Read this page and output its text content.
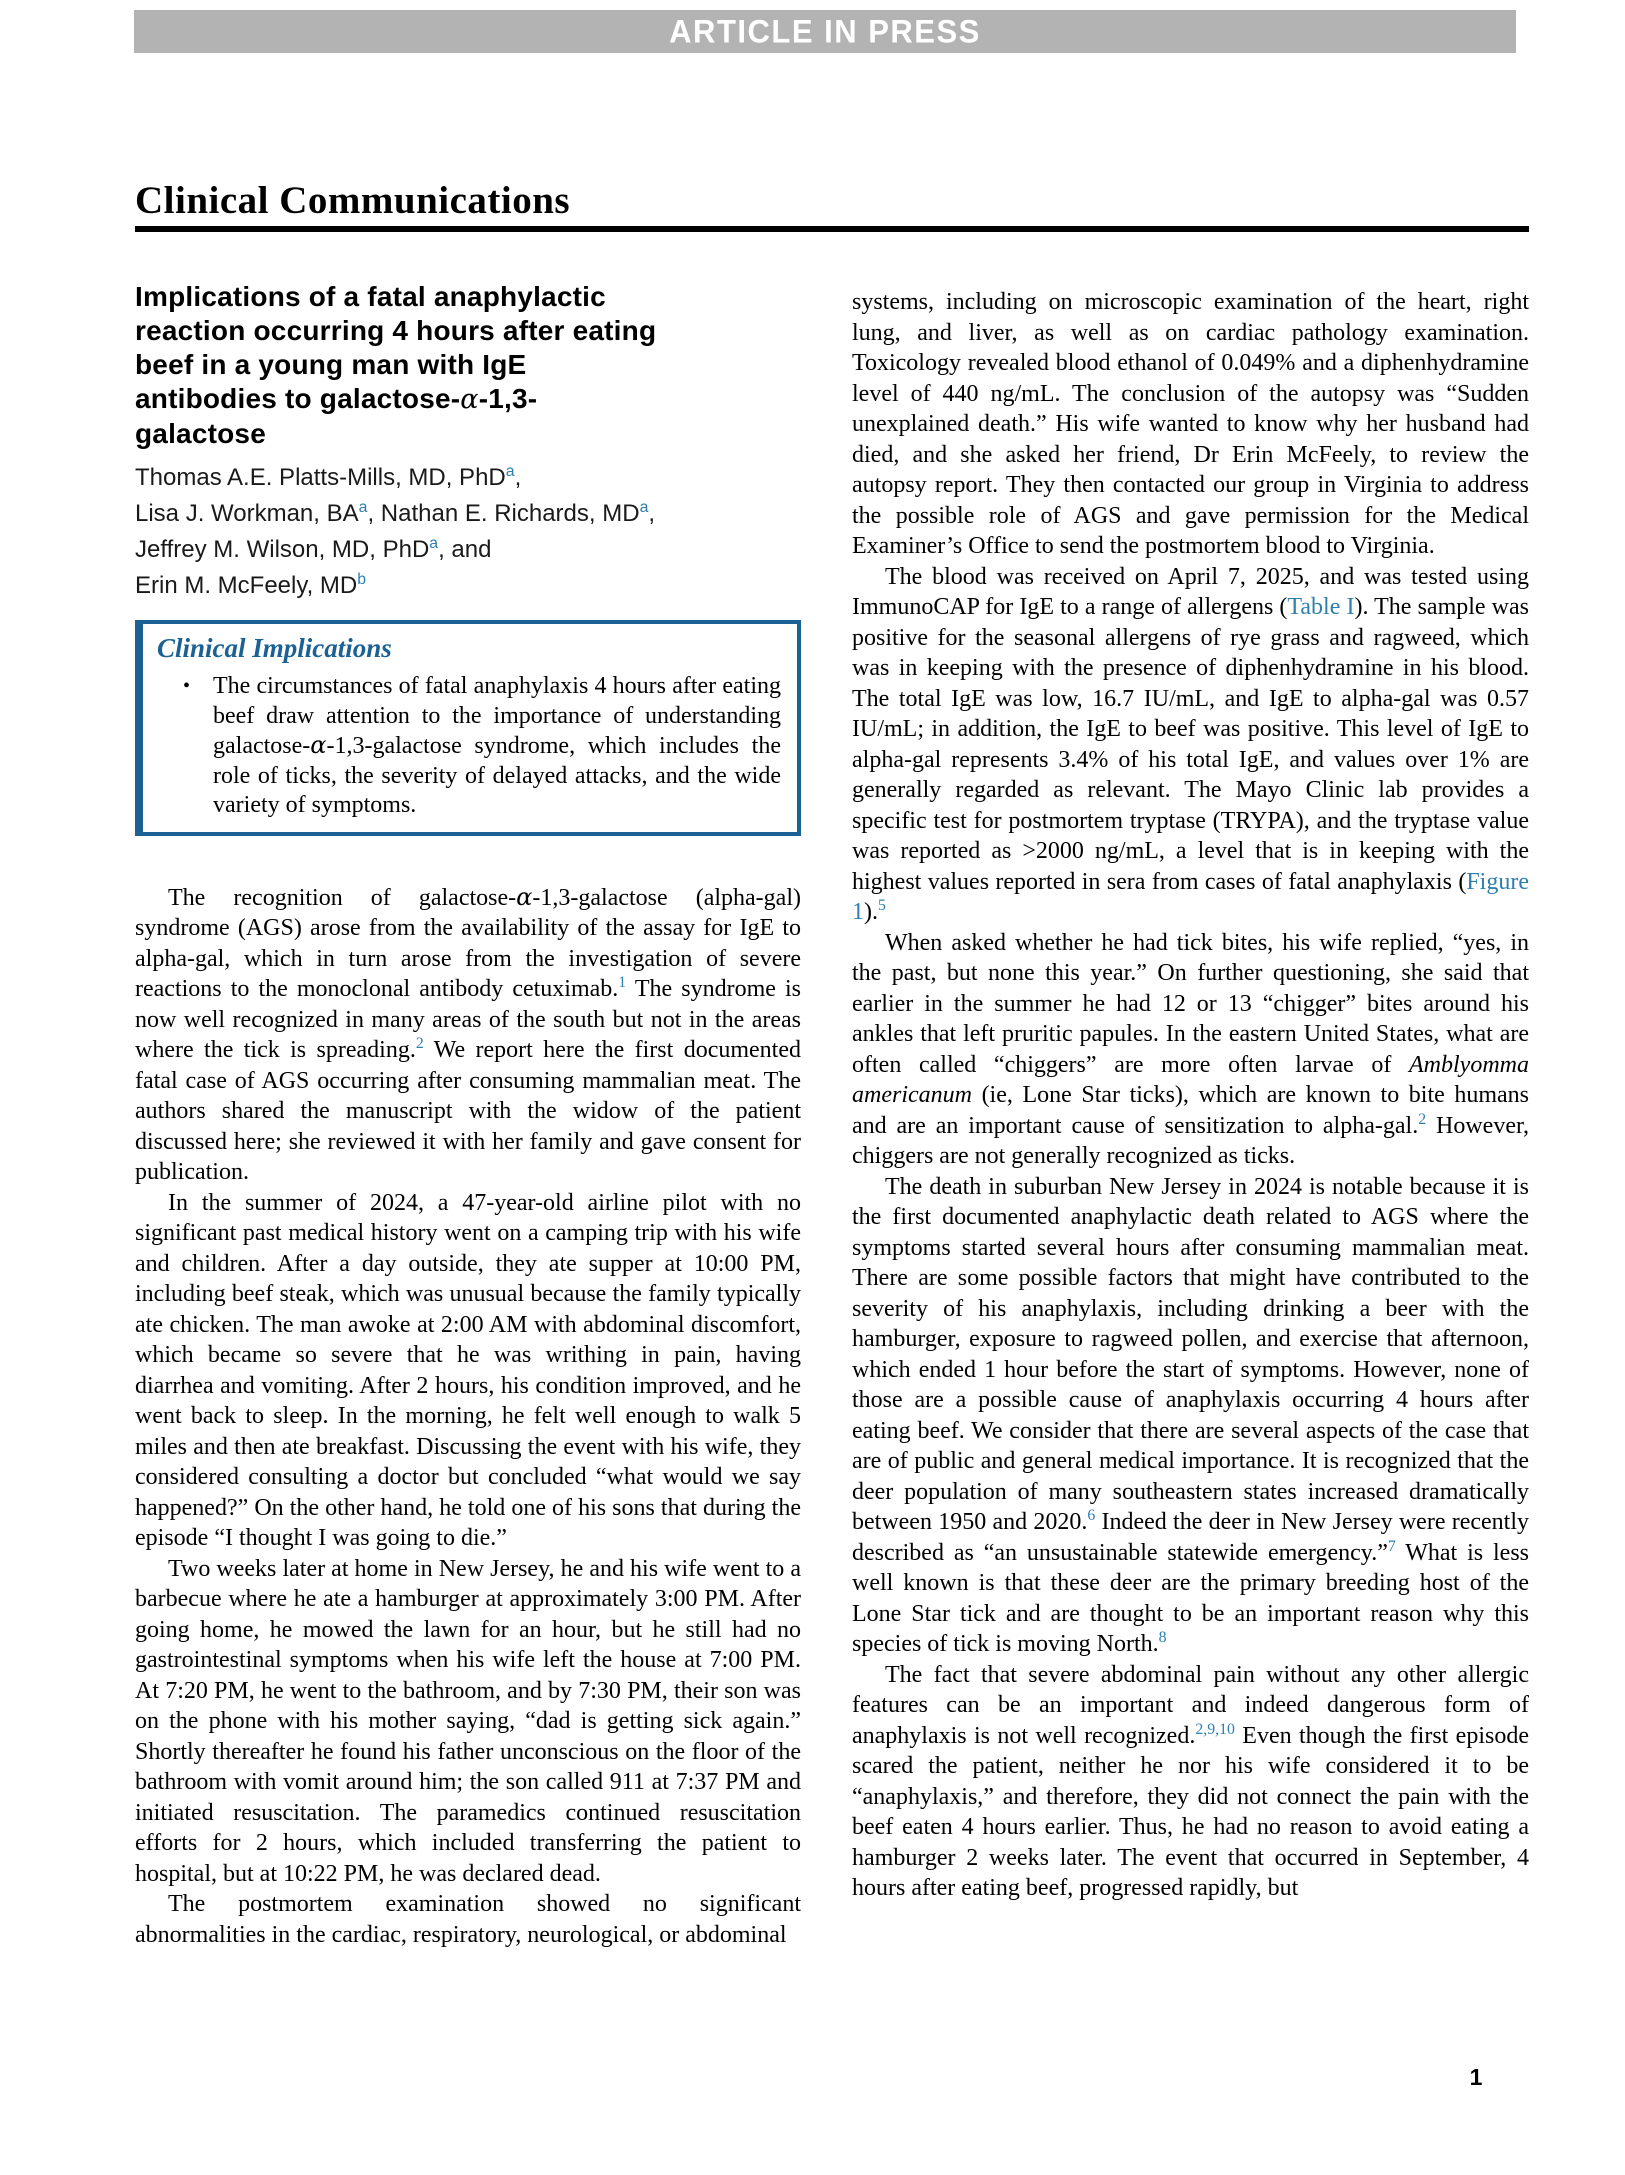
ARTICLE IN PRESS
Clinical Communications
Implications of a fatal anaphylactic
reaction occurring 4 hours after eating
beef in a young man with IgE
antibodies to galactose-α-1,3-
galactose
Thomas A.E. Platts-Mills, MD, PhD$^a$,
Lisa J. Workman, BA$^a$, Nathan E. Richards, MD$^a$,
Jeffrey M. Wilson, MD, PhD$^a$, and
Erin M. McFeely, MD$^b$
Clinical Implications
• The circumstances of fatal anaphylaxis 4 hours after eating beef draw attention to the importance of understanding galactose-α-1,3-galactose syndrome, which includes the role of ticks, the severity of delayed attacks, and the wide variety of symptoms.

The recognition of galactose-α-1,3-galactose (alpha-gal) syndrome (AGS) arose from the availability of the assay for IgE to alpha-gal, which in turn arose from the investigation of severe reactions to the monoclonal antibody cetuximab.$^1$ The syndrome is now well recognized in many areas of the south but not in the areas where the tick is spreading.$^2$ We report here the first documented fatal case of AGS occurring after consuming mammalian meat. The authors shared the manuscript with the widow of the patient discussed here; she reviewed it with her family and gave consent for publication.

In the summer of 2024, a 47-year-old airline pilot with no significant past medical history went on a camping trip with his wife and children. After a day outside, they ate supper at 10:00 PM, including beef steak, which was unusual because the family typically ate chicken. The man awoke at 2:00 AM with abdominal discomfort, which became so severe that he was writhing in pain, having diarrhea and vomiting. After 2 hours, his condition improved, and he went back to sleep. In the morning, he felt well enough to walk 5 miles and then ate breakfast. Discussing the event with his wife, they considered consulting a doctor but concluded “what would we say happened?” On the other hand, he told one of his sons that during the episode “I thought I was going to die.”

Two weeks later at home in New Jersey, he and his wife went to a barbecue where he ate a hamburger at approximately 3:00 PM. After going home, he mowed the lawn for an hour, but he still had no gastrointestinal symptoms when his wife left the house at 7:00 PM. At 7:20 PM, he went to the bathroom, and by 7:30 PM, their son was on the phone with his mother saying, “dad is getting sick again.” Shortly thereafter he found his father unconscious on the floor of the bathroom with vomit around him; the son called 911 at 7:37 PM and initiated resuscitation. The paramedics continued resuscitation efforts for 2 hours, which included transferring the patient to hospital, but at 10:22 PM, he was declared dead.

The postmortem examination showed no significant abnormalities in the cardiac, respiratory, neurological, or abdominal

systems, including on microscopic examination of the heart, right lung, and liver, as well as on cardiac pathology examination. Toxicology revealed blood ethanol of 0.049% and a diphenhydramine level of 440 ng/mL. The conclusion of the autopsy was “Sudden unexplained death.” His wife wanted to know why her husband had died, and she asked her friend, Dr Erin McFeely, to review the autopsy report. They then contacted our group in Virginia to address the possible role of AGS and gave permission for the Medical Examiner’s Office to send the postmortem blood to Virginia.

The blood was received on April 7, 2025, and was tested using ImmunoCAP for IgE to a range of allergens (Table I). The sample was positive for the seasonal allergens of rye grass and ragweed, which was in keeping with the presence of diphenhydramine in his blood. The total IgE was low, 16.7 IU/mL, and IgE to alpha-gal was 0.57 IU/mL; in addition, the IgE to beef was positive. This level of IgE to alpha-gal represents 3.4% of his total IgE, and values over 1% are generally regarded as relevant. The Mayo Clinic lab provides a specific test for postmortem tryptase (TRYPA), and the tryptase value was reported as >2000 ng/mL, a level that is in keeping with the highest values reported in sera from cases of fatal anaphylaxis (Figure 1).$^5$

When asked whether he had tick bites, his wife replied, “yes, in the past, but none this year.” On further questioning, she said that earlier in the summer he had 12 or 13 “chigger” bites around his ankles that left pruritic papules. In the eastern United States, what are often called “chiggers” are more often larvae of Amblyomma americanum (ie, Lone Star ticks), which are known to bite humans and are an important cause of sensitization to alpha-gal.$^2$ However, chiggers are not generally recognized as ticks.

The death in suburban New Jersey in 2024 is notable because it is the first documented anaphylactic death related to AGS where the symptoms started several hours after consuming mammalian meat. There are some possible factors that might have contributed to the severity of his anaphylaxis, including drinking a beer with the hamburger, exposure to ragweed pollen, and exercise that afternoon, which ended 1 hour before the start of symptoms. However, none of those are a possible cause of anaphylaxis occurring 4 hours after eating beef. We consider that there are several aspects of the case that are of public and general medical importance. It is recognized that the deer population of many southeastern states increased dramatically between 1950 and 2020.$^6$ Indeed the deer in New Jersey were recently described as “an unsustainable statewide emergency.”$^7$ What is less well known is that these deer are the primary breeding host of the Lone Star tick and are thought to be an important reason why this species of tick is moving North.$^8$

The fact that severe abdominal pain without any other allergic features can be an important and indeed dangerous form of anaphylaxis is not well recognized.$^{2,9,10}$ Even though the first episode scared the patient, neither he nor his wife considered it to be “anaphylaxis,” and therefore, they did not connect the pain with the beef eaten 4 hours earlier. Thus, he had no reason to avoid eating a hamburger 2 weeks later. The event that occurred in September, 4 hours after eating beef, progressed rapidly, but

1
